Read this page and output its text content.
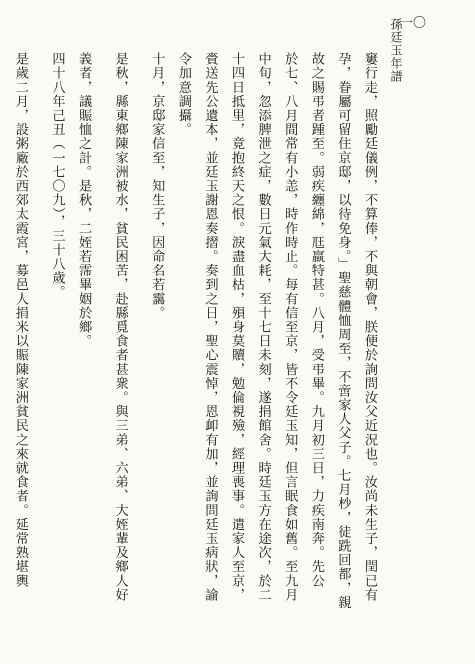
孫廷玉年譜
一〇
窶行走，照勵廷儀例，不算俸，不與朝會，朕便於詢問汝父近況也。汝尚未生子，閏已有
孕，眷屬可留住京邸，以待免身。」聖慈體恤周至，不啻家人父子。七月杪，徒跣回都，親
故之賜弔者踵至。弱疾纏綿，尫羸特甚。八月，受弔畢。九月初三日，力疾南奔。先公
於七、八月間常有小恙，時作時止。每有信至京，皆不令廷玉知，但言眠食如舊。至九月
中旬，忽添脾泄之症，數日元氣大耗，至十七日未刻，遂捐館舍。時廷玉方在途次，於二
十四日抵里，竟抱終天之恨。淚盡血枯，殞身莫贖，勉倫視殮，經理喪事。遣家人至京，
賫送先公遺本，並廷玉謝恩奏摺。奏到之日，聖心震悼，恩卹有加，並詢問廷玉病狀，諭
令加意調攝。
十月，京邸家信至，知生子，因命名若靄。
是秋，縣東鄉陳家洲被水，貧民困苦，赴縣覓食者甚衆。與三弟、六弟、大姪輩及鄉人好
義者，議賑恤之計。是秋，二姪若霈畢姻於鄉。
四十八年己丑（一七〇九），三十八歲。
是歲二月，設粥廠於西郊太霞宮，募邑人捐米以賑陳家洲貧民之來就食者。延常熟堪輿
